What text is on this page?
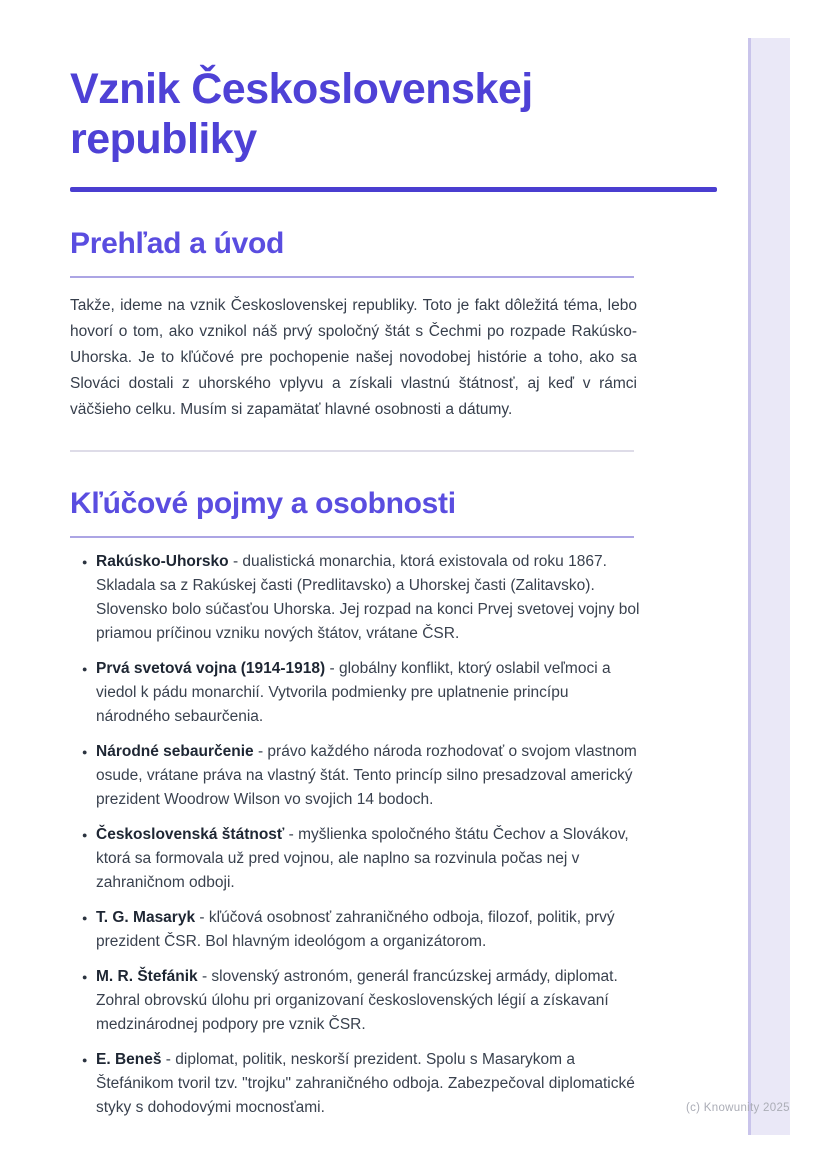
Vznik Československej republiky
Prehľad a úvod

Takže, ideme na vznik Československej republiky. Toto je fakt dôležitá téma, lebo hovorí o tom, ako vznikol náš prvý spoločný štát s Čechmi po rozpade Rakúsko-Uhorska. Je to kľúčové pre pochopenie našej novodobej histórie a toho, ako sa Slováci dostali z uhorského vplyvu a získali vlastnú štátnosť, aj keď v rámci väčšieho celku. Musím si zapamätať hlavné osobnosti a dátumy.

Kľúčové pojmy a osobnosti
● Rakúsko-Uhorsko - dualistická monarchia, ktorá existovala od roku 1867. Skladala sa z Rakúskej časti (Predlitavsko) a Uhorskej časti (Zalitavsko). Slovensko bolo súčasťou Uhorska. Jej rozpad na konci Prvej svetovej vojny bol priamou príčinou vzniku nových štátov, vrátane ČSR.
● Prvá svetová vojna (1914-1918) - globálny konflikt, ktorý oslabil veľmoci a viedol k pádu monarchií. Vytvorila podmienky pre uplatnenie princípu národného sebaurčenia.
● Národné sebaurčenie - právo každého národa rozhodovať o svojom vlastnom osude, vrátane práva na vlastný štát. Tento princíp silno presadzoval americký prezident Woodrow Wilson vo svojich 14 bodoch.
● Československá štátnosť - myšlienka spoločného štátu Čechov a Slovákov, ktorá sa formovala už pred vojnou, ale naplno sa rozvinula počas nej v zahraničnom odboji.
● T. G. Masaryk - kľúčová osobnosť zahraničného odboja, filozof, politik, prvý prezident ČSR. Bol hlavným ideológom a organizátorom.
● M. R. Štefánik - slovenský astronóm, generál francúzskej armády, diplomat. Zohral obrovskú úlohu pri organizovaní československých légií a získavaní medzinárodnej podpory pre vznik ČSR.
● E. Beneš - diplomat, politik, neskorší prezident. Spolu s Masarykom a Štefánikom tvoril tzv. "trojku" zahraničného odboja. Zabezpečoval diplomatické styky s dohodovými mocnosťami.	(c) Knowunity 2025
